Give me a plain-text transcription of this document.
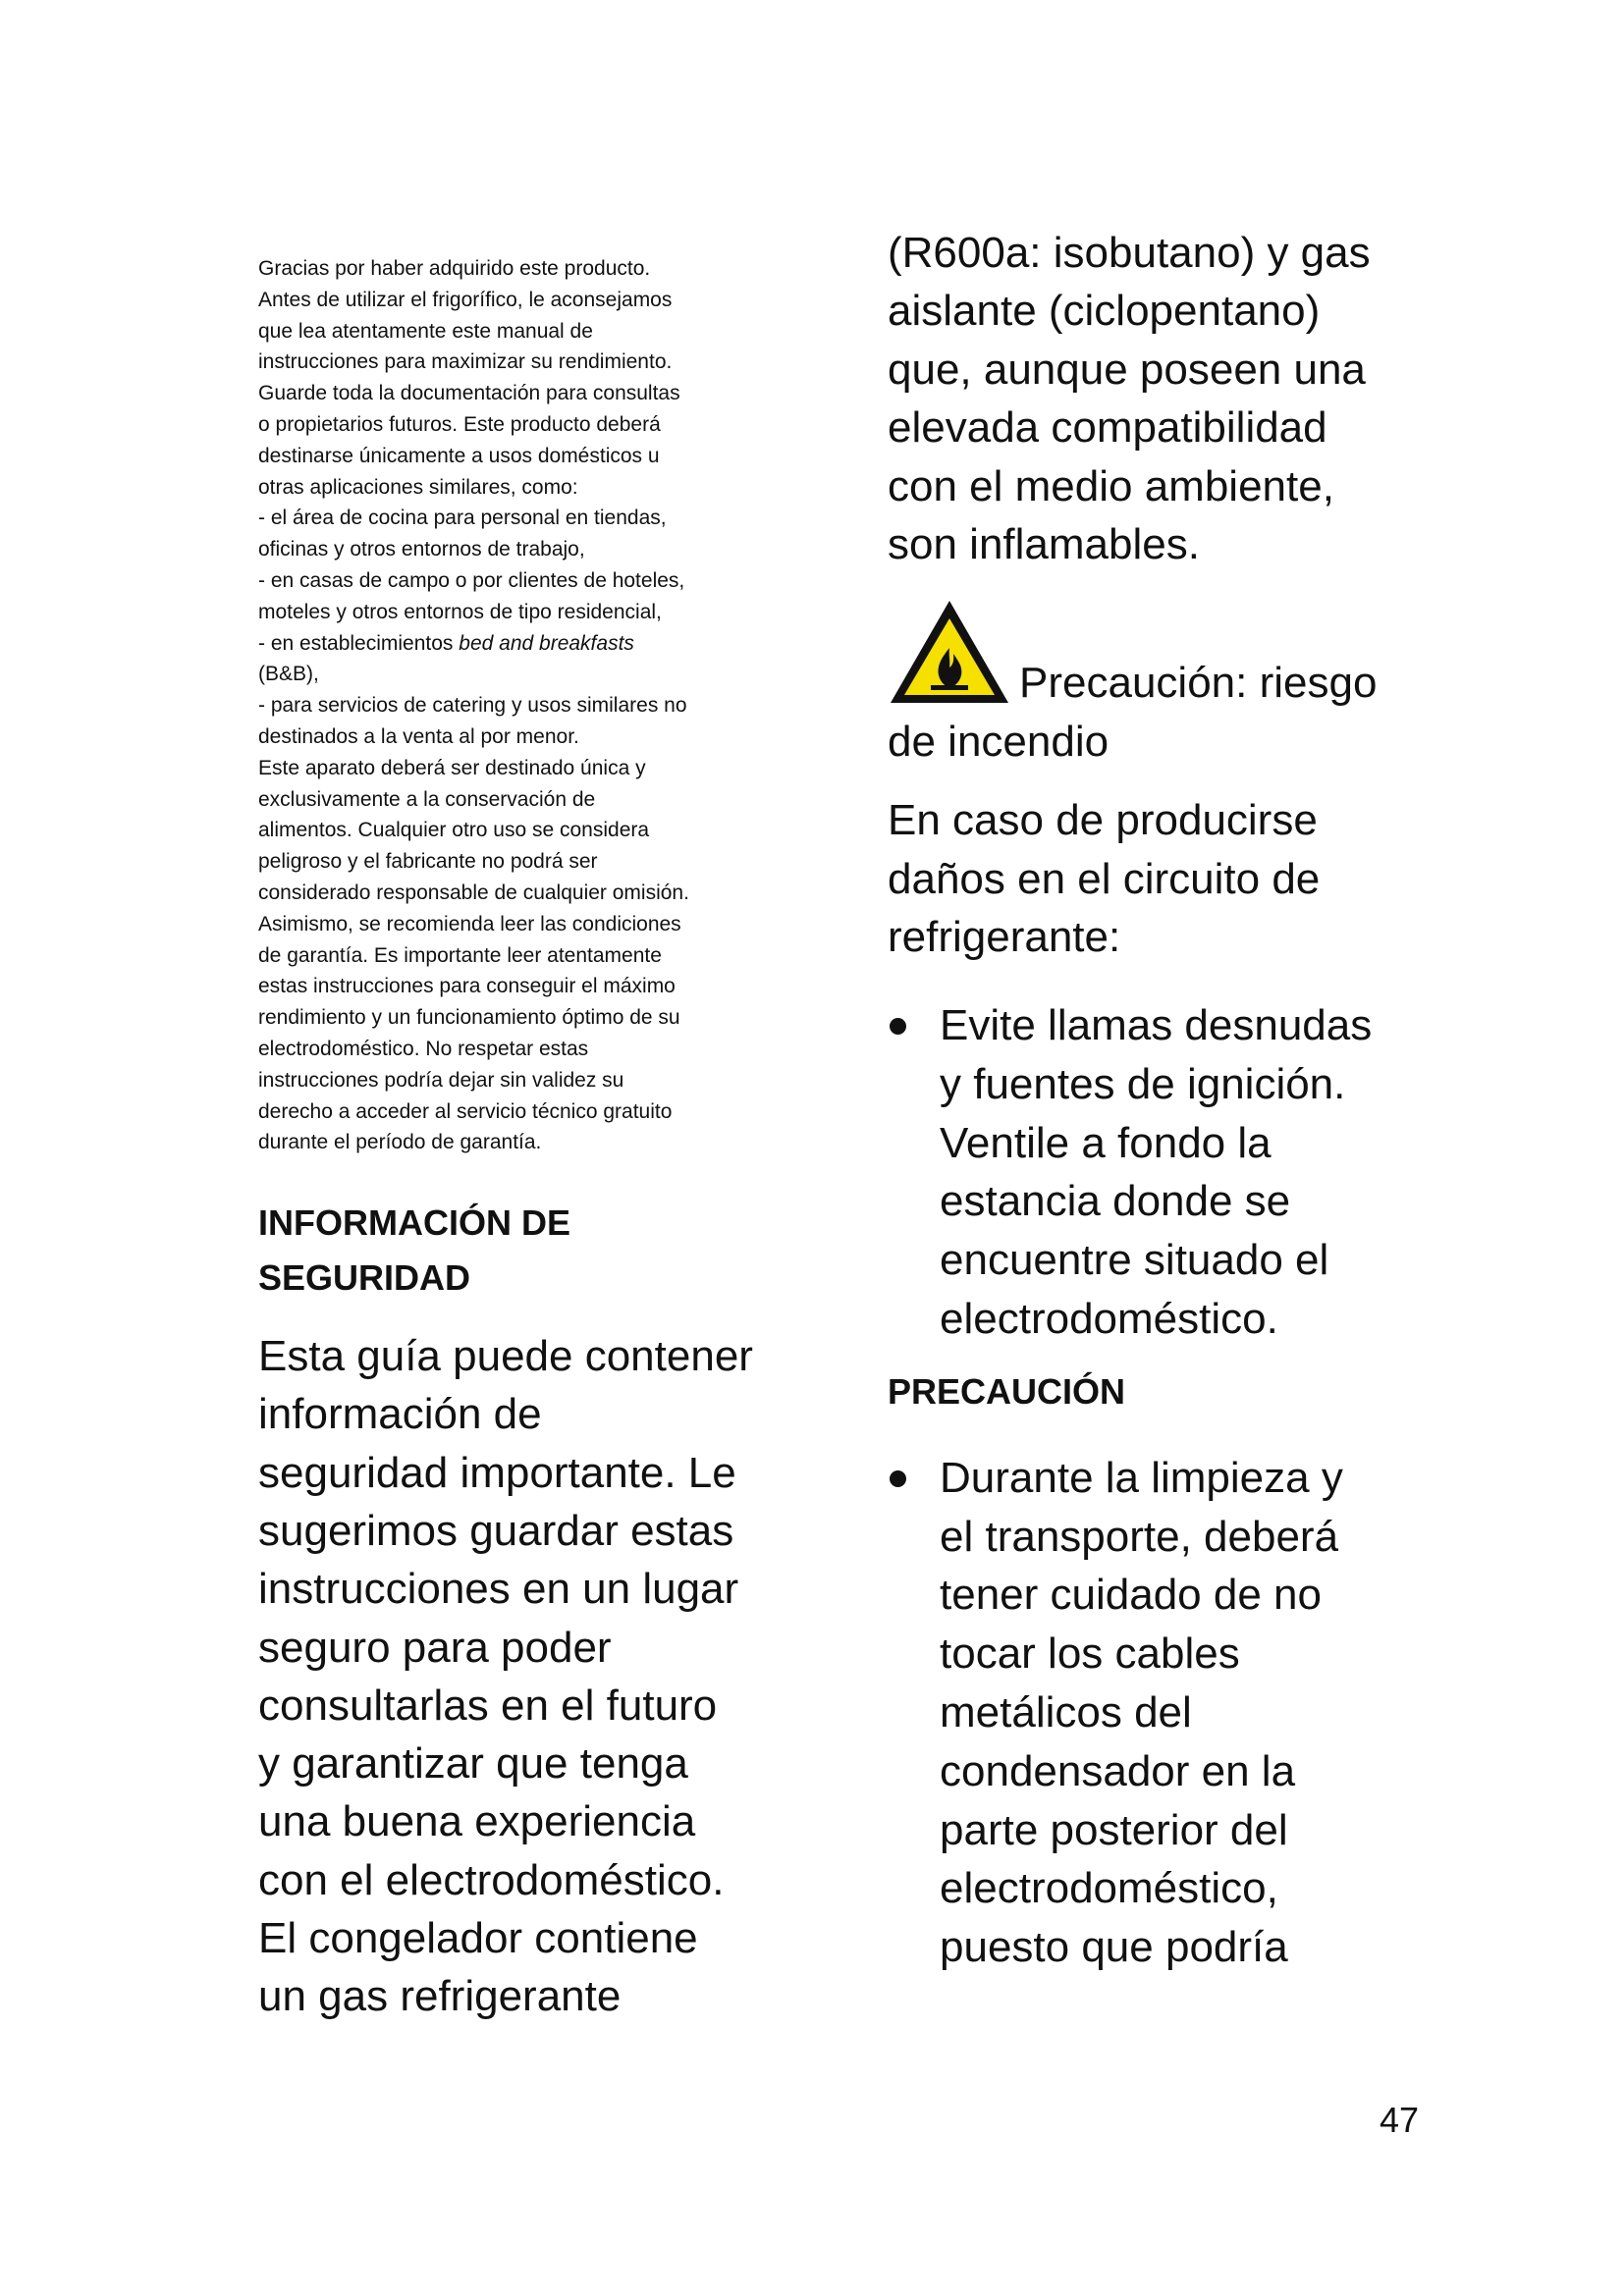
Gracias por haber adquirido este producto.

Antes de utilizar el frigorífico, le aconsejamos

que lea atentamente este manual de

instrucciones para maximizar su rendimiento.

Guarde toda la documentación para consultas

o propietarios futuros. Este producto deberá

destinarse únicamente a usos domésticos u

otras aplicaciones similares, como:

- el área de cocina para personal en tiendas,

oficinas y otros entornos de trabajo,

- en casas de campo o por clientes de hoteles,

moteles y otros entornos de tipo residencial,

- en establecimientos bed and breakfasts

(B&B),

- para servicios de catering y usos similares no

destinados a la venta al por menor.

Este aparato deberá ser destinado única y

exclusivamente a la conservación de

alimentos. Cualquier otro uso se considera

peligroso y el fabricante no podrá ser

considerado responsable de cualquier omisión.

Asimismo, se recomienda leer las condiciones

de garantía. Es importante leer atentamente

estas instrucciones para conseguir el máximo

rendimiento y un funcionamiento óptimo de su

electrodoméstico. No respetar estas

instrucciones podría dejar sin validez su

derecho a acceder al servicio técnico gratuito

durante el período de garantía.

INFORMACIÓN DE
SEGURIDAD
Esta guía puede contener
información de
seguridad importante. Le
sugerimos guardar estas
instrucciones en un lugar
seguro para poder
consultarlas en el futuro
y garantizar que tenga
una buena experiencia
con el electrodoméstico.
El congelador contiene
un gas refrigerante
(R600a: isobutano) y gas
aislante (ciclopentano)
que, aunque poseen una
elevada compatibilidad
con el medio ambiente,
son inflamables.
Precaución: riesgo de incendio
En caso de producirse
daños en el circuito de
refrigerante:
Evite llamas desnudas
y fuentes de ignición.
Ventile a fondo la
estancia donde se
encuentre situado el
electrodoméstico.
PRECAUCIÓN
Durante la limpieza y
el transporte, deberá
tener cuidado de no
tocar los cables
metálicos del
condensador en la
parte posterior del
electrodoméstico,
puesto que podría
47
